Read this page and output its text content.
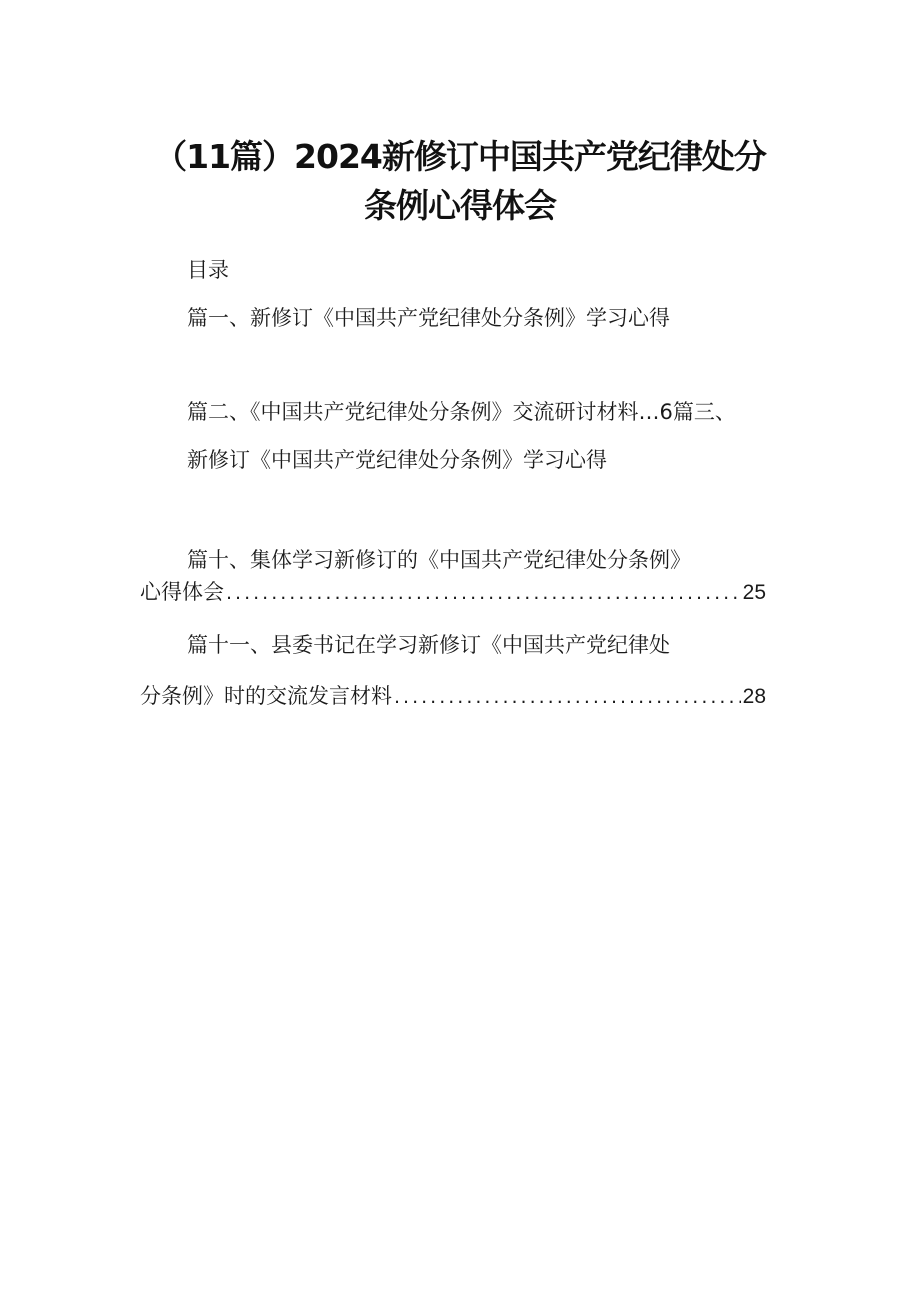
（11篇）2024新修订中国共产党纪律处分
条例心得体会
目录
篇一、新修订《中国共产党纪律处分条例》学习心得
篇二、《中国共产党纪律处分条例》交流研讨材料…6篇三、
新修订《中国共产党纪律处分条例》学习心得
篇十、集体学习新修订的《中国共产党纪律处分条例》
心得体会 .....	25
篇十一、县委书记在学习新修订《中国共产党纪律处
分条例》时的交流发言材料 .....	28
